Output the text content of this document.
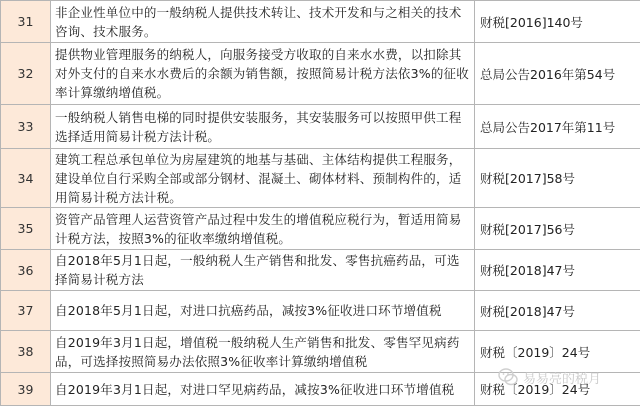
31	非企业性单位中的一般纳税人提供技术转让、技术开发和与之相关的技术咨询、技术服务。	财税[2016]140号
32	提供物业管理服务的纳税人，向服务接受方收取的自来水水费，以扣除其对外支付的自来水水费后的余额为销售额，按照简易计税方法依3%的征收率计算缴纳增值税。	总局公告2016年第54号
33	一般纳税人销售电梯的同时提供安装服务，其安装服务可以按照甲供工程选择适用简易计税方法计税。	总局公告2017年第11号
34	建筑工程总承包单位为房屋建筑的地基与基础、主体结构提供工程服务，建设单位自行采购全部或部分钢材、混凝土、砌体材料、预制构件的，适用简易计税方法计税。	财税[2017]58号
35	资管产品管理人运营资管产品过程中发生的增值税应税行为，暂适用简易计税方法，按照3%的征收率缴纳增值税。	财税[2017]56号
36	自2018年5月1日起，一般纳税人生产销售和批发、零售抗癌药品，可选择简易计税方法	财税[2018]47号
37	自2018年5月1日起，对进口抗癌药品，减按3%征收进口环节增值税	财税[2018]47号
38	自2019年3月1日起，增值税一般纳税人生产销售和批发、零售罕见病药品，可选择按照简易办法依照3%征收率计算缴纳增值税	财税〔2019〕24号
39	自2019年3月1日起，对进口罕见病药品，减按3%征收进口环节增值税	财税〔2019〕24号
易易亮的税月
